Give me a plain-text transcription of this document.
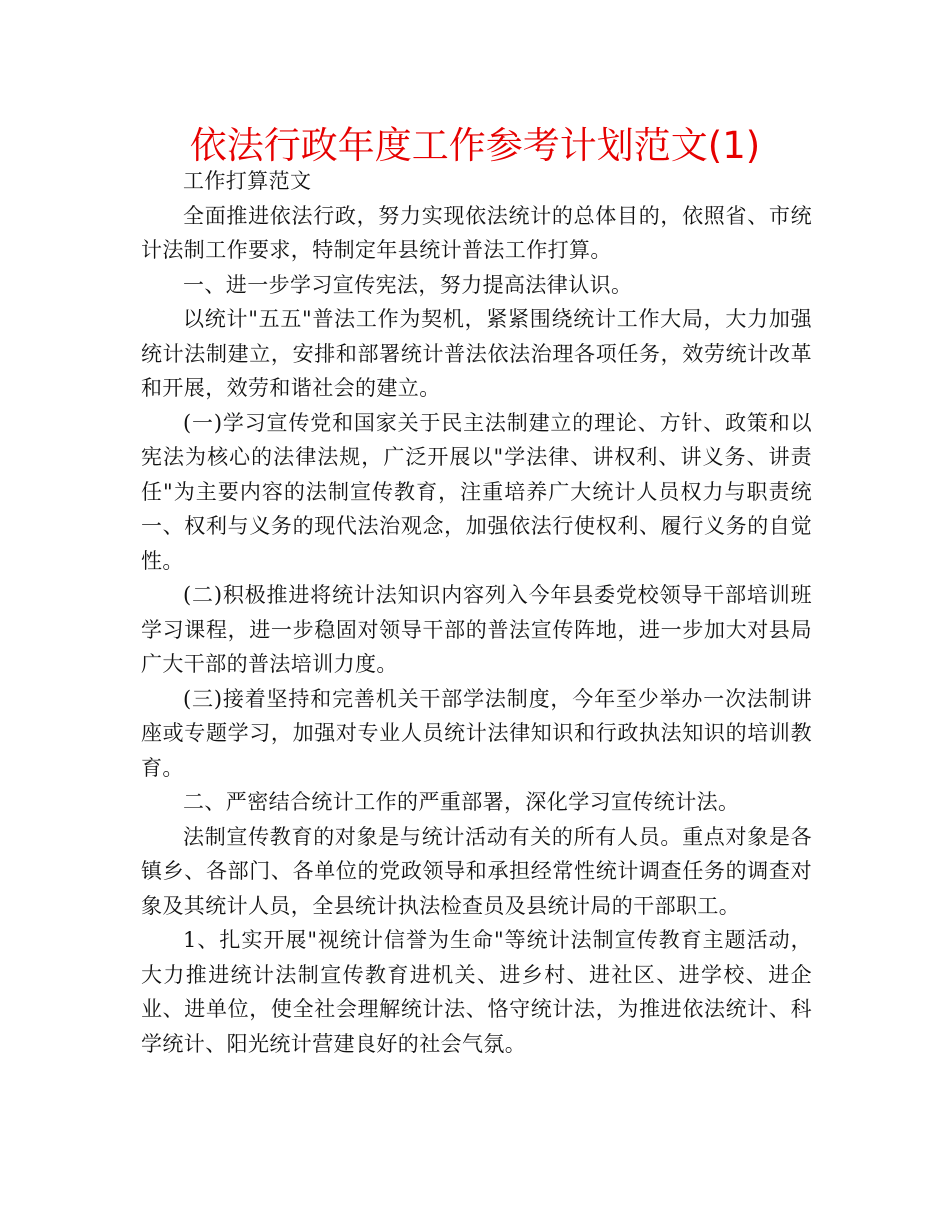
依法行政年度工作参考计划范文(1)

工作打算范文

全面推进依法行政，努力实现依法统计的总体目的，依照省、市统计法制工作要求，特制定年县统计普法工作打算。

一、进一步学习宣传宪法，努力提高法律认识。

以统计"五五"普法工作为契机，紧紧围绕统计工作大局，大力加强统计法制建立，安排和部署统计普法依法治理各项任务，效劳统计改革和开展，效劳和谐社会的建立。

(一)学习宣传党和国家关于民主法制建立的理论、方针、政策和以宪法为核心的法律法规，广泛开展以"学法律、讲权利、讲义务、讲责任"为主要内容的法制宣传教育，注重培养广大统计人员权力与职责统一、权利与义务的现代法治观念，加强依法行使权利、履行义务的自觉性。

(二)积极推进将统计法知识内容列入今年县委党校领导干部培训班学习课程，进一步稳固对领导干部的普法宣传阵地，进一步加大对县局广大干部的普法培训力度。

(三)接着坚持和完善机关干部学法制度，今年至少举办一次法制讲座或专题学习，加强对专业人员统计法律知识和行政执法知识的培训教育。

二、严密结合统计工作的严重部署，深化学习宣传统计法。

法制宣传教育的对象是与统计活动有关的所有人员。重点对象是各镇乡、各部门、各单位的党政领导和承担经常性统计调查任务的调查对象及其统计人员，全县统计执法检查员及县统计局的干部职工。

1、扎实开展"视统计信誉为生命"等统计法制宣传教育主题活动，大力推进统计法制宣传教育进机关、进乡村、进社区、进学校、进企业、进单位，使全社会理解统计法、恪守统计法，为推进依法统计、科学统计、阳光统计营建良好的社会气氛。
